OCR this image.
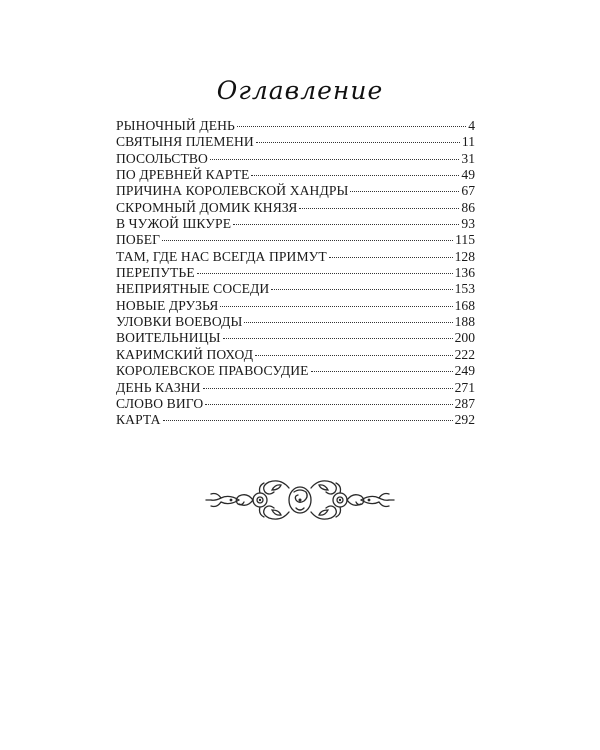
Оглавление
РЫНОЧНЫЙ ДЕНЬ	4
СВЯТЫНЯ ПЛЕМЕНИ	11
ПОСОЛЬСТВО	31
ПО ДРЕВНЕЙ КАРТЕ	49
ПРИЧИНА КОРОЛЕВСКОЙ ХАНДРЫ	67
СКРОМНЫЙ ДОМИК КНЯЗЯ	86
В ЧУЖОЙ ШКУРЕ	93
ПОБЕГ	115
ТАМ, ГДЕ НАС ВСЕГДА ПРИМУТ	128
ПЕРЕПУТЬЕ	136
НЕПРИЯТНЫЕ СОСЕДИ	153
НОВЫЕ ДРУЗЬЯ	168
УЛОВКИ ВОЕВОДЫ	188
ВОИТЕЛЬНИЦЫ	200
КАРИМСКИЙ ПОХОД	222
КОРОЛЕВСКОЕ ПРАВОСУДИЕ	249
ДЕНЬ КАЗНИ	271
СЛОВО ВИГО	287
КАРТА	292
